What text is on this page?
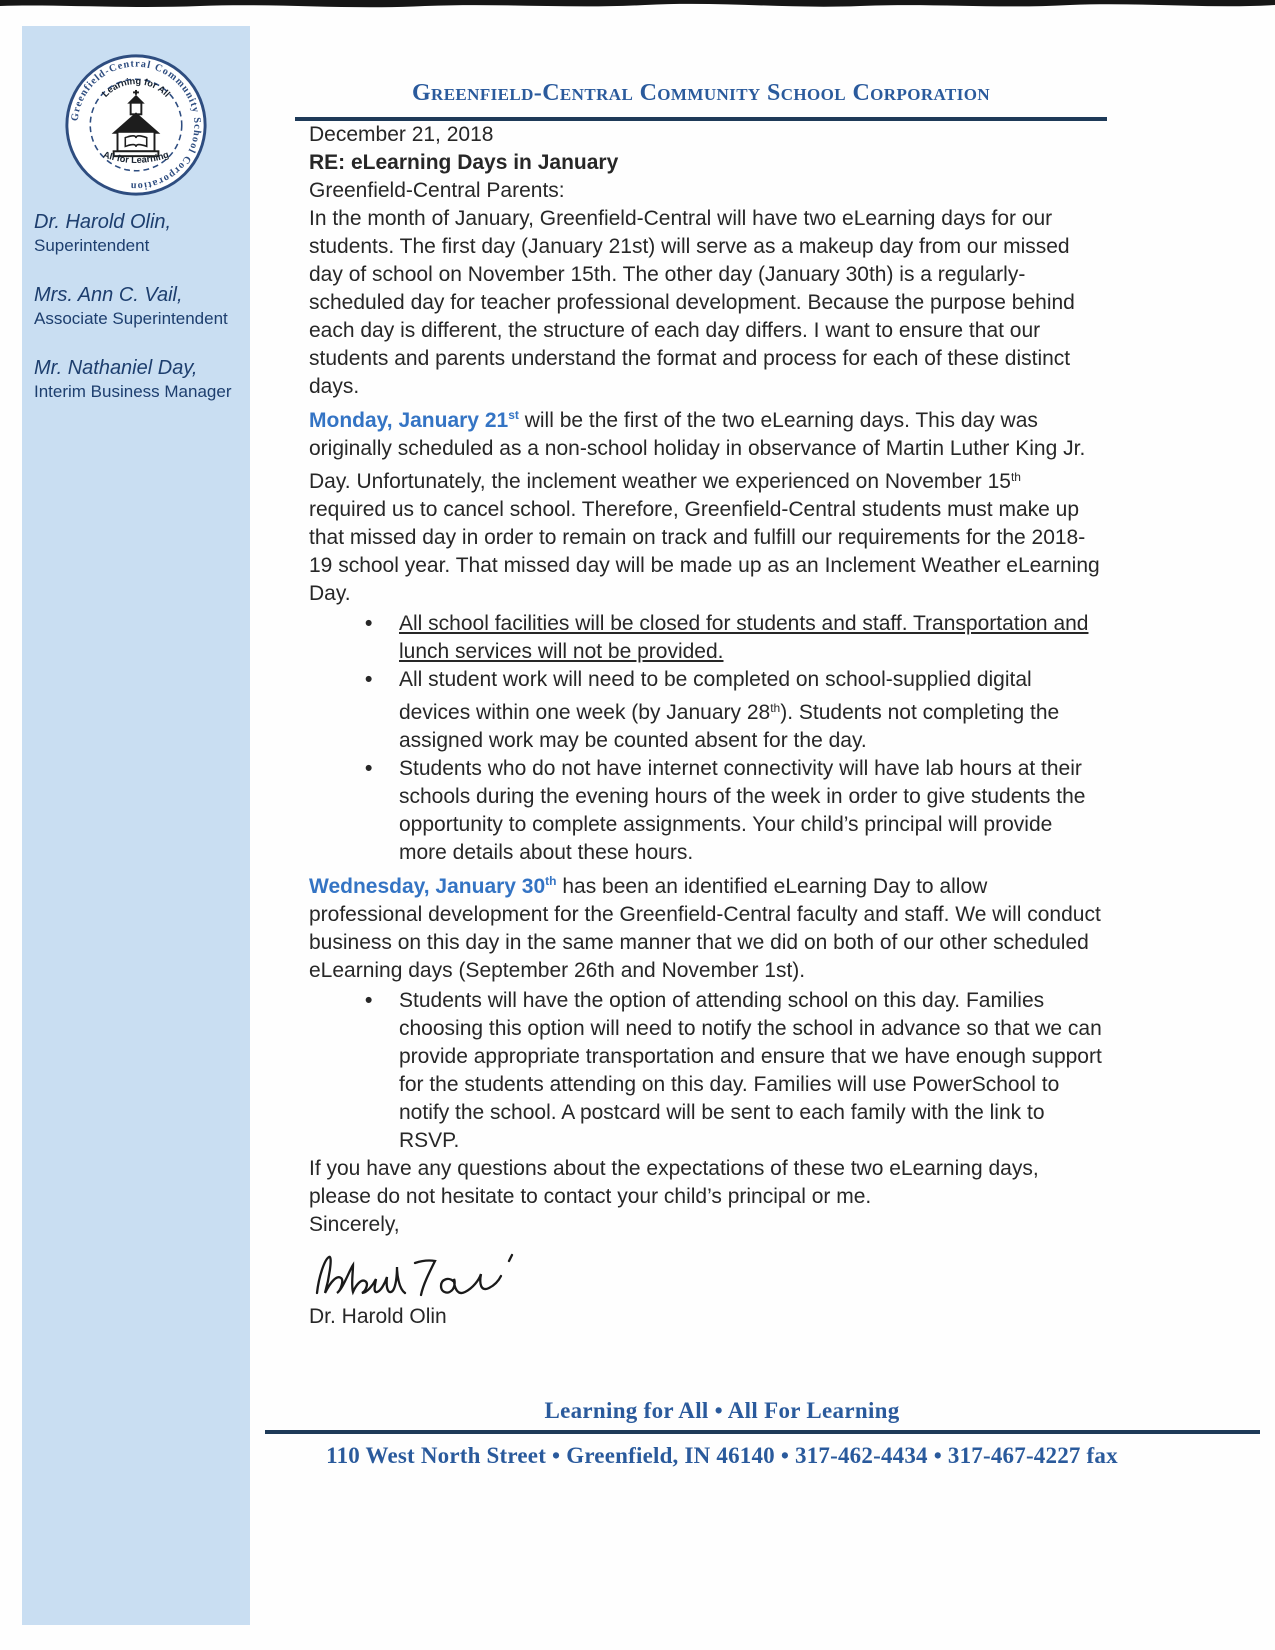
Greenfield-Central Community School Corporation
Learning for All
All for Learning
Dr. Harold Olin,
Superintendent
Mrs. Ann C. Vail,
Associate Superintendent
Mr. Nathaniel Day,
Interim Business Manager
Greenfield-Central Community School Corporation

December 21, 2018

RE: eLearning Days in January

Greenfield-Central Parents:

In the month of January, Greenfield-Central will have two eLearning days for our students. The first day (January 21st) will serve as a makeup day from our missed day of school on November 15th. The other day (January 30th) is a regularly-scheduled day for teacher professional development. Because the purpose behind each day is different, the structure of each day differs. I want to ensure that our students and parents understand the format and process for each of these distinct days.

Monday, January 21st will be the first of the two eLearning days. This day was originally scheduled as a non-school holiday in observance of Martin Luther King Jr. Day. Unfortunately, the inclement weather we experienced on November 15th required us to cancel school. Therefore, Greenfield-Central students must make up that missed day in order to remain on track and fulfill our requirements for the 2018-19 school year. That missed day will be made up as an Inclement Weather eLearning Day.

• All school facilities will be closed for students and staff. Transportation and lunch services will not be provided.
• All student work will need to be completed on school-supplied digital devices within one week (by January 28th). Students not completing the assigned work may be counted absent for the day.
• Students who do not have internet connectivity will have lab hours at their schools during the evening hours of the week in order to give students the opportunity to complete assignments. Your child’s principal will provide more details about these hours.

Wednesday, January 30th has been an identified eLearning Day to allow professional development for the Greenfield-Central faculty and staff. We will conduct business on this day in the same manner that we did on both of our other scheduled eLearning days (September 26th and November 1st).

• Students will have the option of attending school on this day. Families choosing this option will need to notify the school in advance so that we can provide appropriate transportation and ensure that we have enough support for the students attending on this day. Families will use PowerSchool to notify the school. A postcard will be sent to each family with the link to RSVP.

If you have any questions about the expectations of these two eLearning days, please do not hesitate to contact your child’s principal or me.

Sincerely,

Dr. Harold Olin

Learning for All • All For Learning
110 West North Street • Greenfield, IN 46140 • 317-462-4434 • 317-467-4227 fax
